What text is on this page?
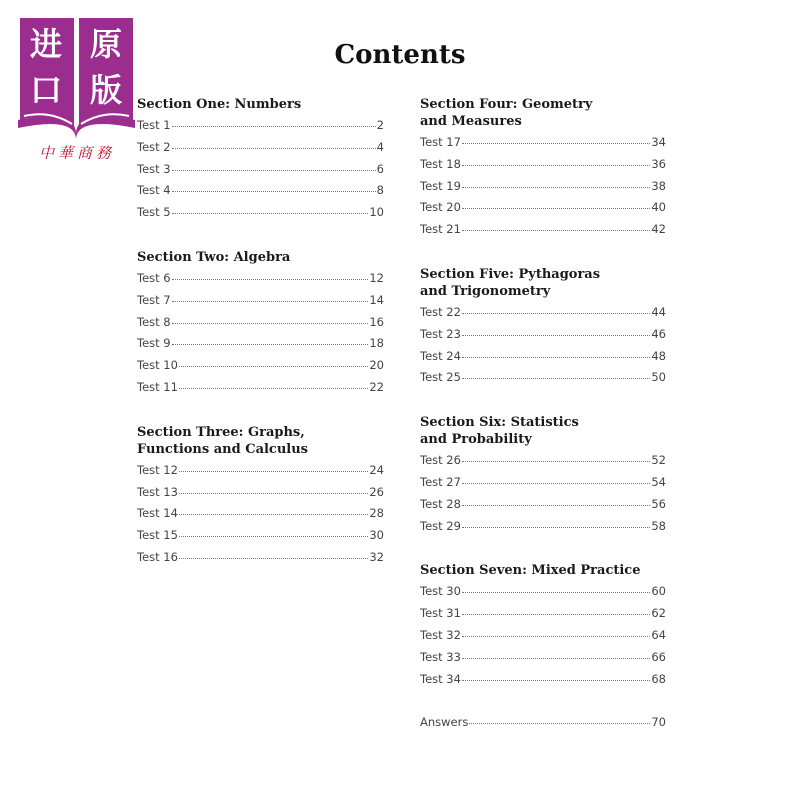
Contents
Section One: Numbers
Test 1	2
Test 2	4
Test 3	6
Test 4	8
Test 5	10
Section Two: Algebra
Test 6	12
Test 7	14
Test 8	16
Test 9	18
Test 10	20
Test 11	22
Section Three: Graphs,
Functions and Calculus
Test 12	24
Test 13	26
Test 14	28
Test 15	30
Test 16	32
Section Four: Geometry
and Measures
Test 17	34
Test 18	36
Test 19	38
Test 20	40
Test 21	42
Section Five: Pythagoras
and Trigonometry
Test 22	44
Test 23	46
Test 24	48
Test 25	50
Section Six: Statistics
and Probability
Test 26	52
Test 27	54
Test 28	56
Test 29	58
Section Seven: Mixed Practice
Test 30	60
Test 31	62
Test 32	64
Test 33	66
Test 34	68
Answers	70
进 原
口 版
中華商務
